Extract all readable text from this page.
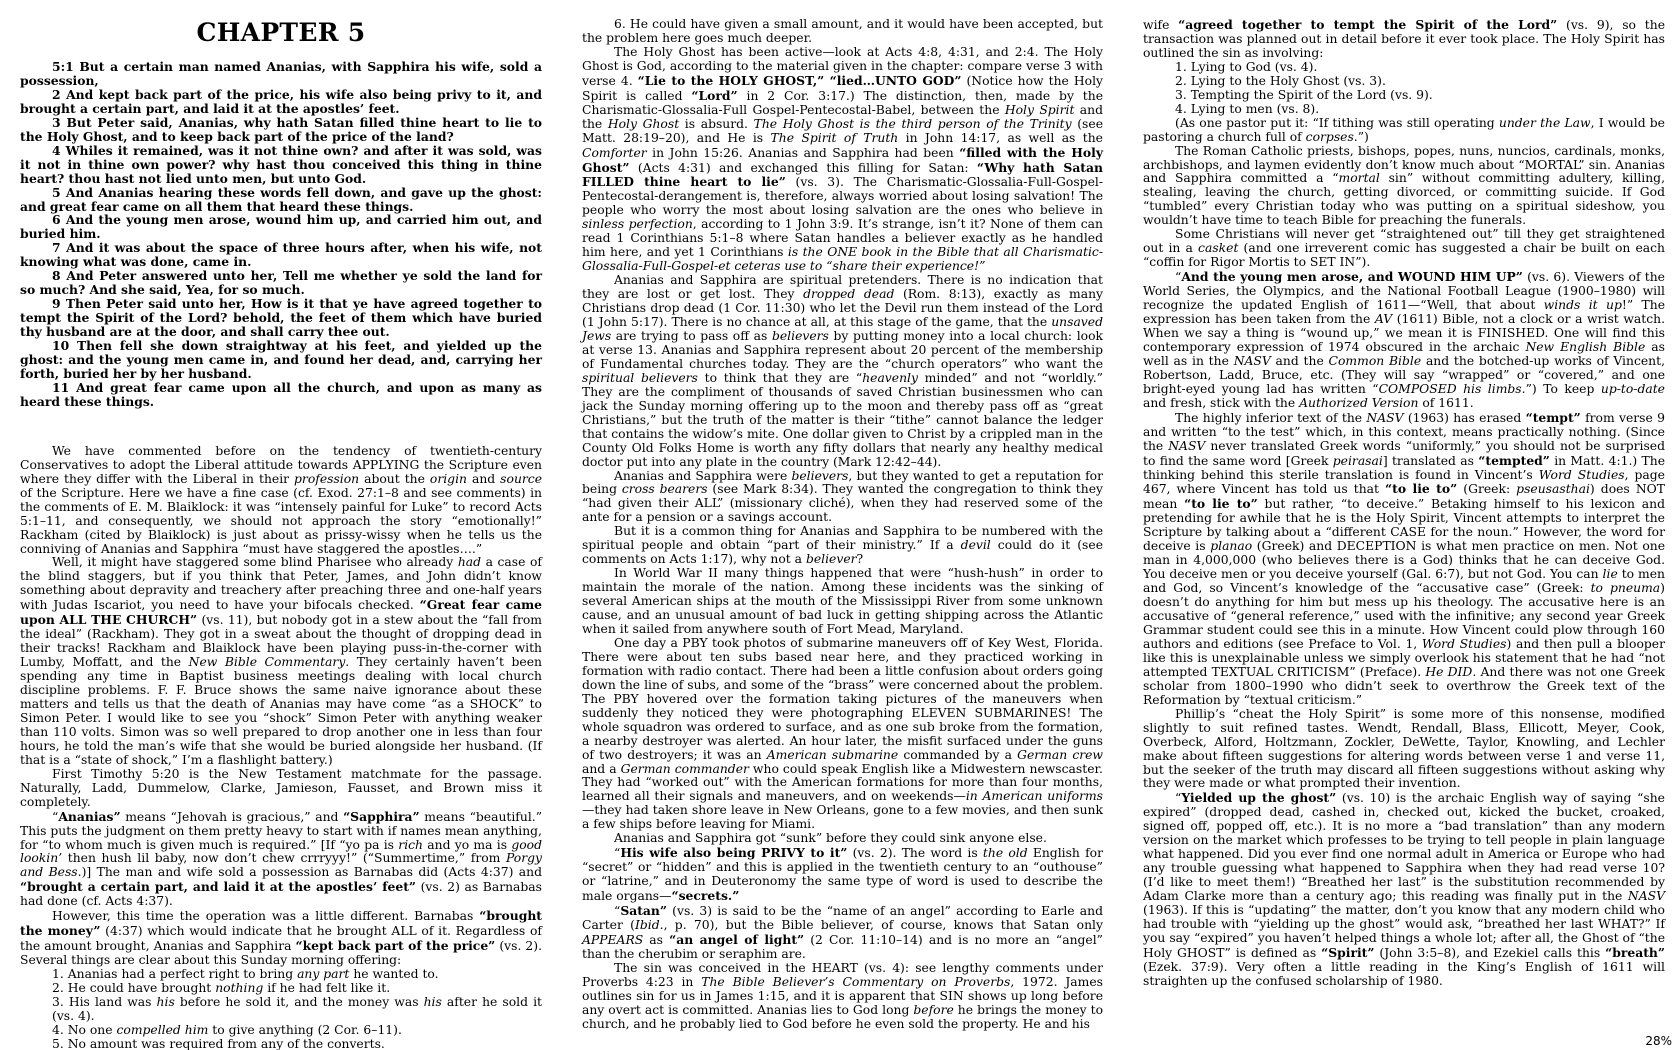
CHAPTER 5

5:1 But a certain man named Ananias, with Sapphira his wife, sold a possession,

2 And kept back part of the price, his wife also being privy to it, and brought a certain part, and laid it at the apostles’ feet.

3 But Peter said, Ananias, why hath Satan filled thine heart to lie to the Holy Ghost, and to keep back part of the price of the land?

4 Whiles it remained, was it not thine own? and after it was sold, was it not in thine own power? why hast thou conceived this thing in thine heart? thou hast not lied unto men, but unto God.

5 And Ananias hearing these words fell down, and gave up the ghost: and great fear came on all them that heard these things.

6 And the young men arose, wound him up, and carried him out, and buried him.

7 And it was about the space of three hours after, when his wife, not knowing what was done, came in.

8 And Peter answered unto her, Tell me whether ye sold the land for so much? And she said, Yea, for so much.

9 Then Peter said unto her, How is it that ye have agreed together to tempt the Spirit of the Lord? behold, the feet of them which have buried thy husband are at the door, and shall carry thee out.

10 Then fell she down straightway at his feet, and yielded up the ghost: and the young men came in, and found her dead, and, carrying her forth, buried her by her husband.

11 And great fear came upon all the church, and upon as many as heard these things.

We have commented before on the tendency of twentieth-century Conservatives to adopt the Liberal attitude towards APPLYING the Scripture even where they differ with the Liberal in their profession about the origin and source of the Scripture. Here we have a fine case (cf. Exod. 27:1–8 and see comments) in the comments of E. M. Blaiklock: it was “intensely painful for Luke” to record Acts 5:1–11, and consequently, we should not approach the story “emotionally!” Rackham (cited by Blaiklock) is just about as prissy-wissy when he tells us the conniving of Ananias and Sapphira “must have staggered the apostles….”

Well, it might have staggered some blind Pharisee who already had a case of the blind staggers, but if you think that Peter, James, and John didn’t know something about depravity and treachery after preaching three and one-half years with Judas Iscariot, you need to have your bifocals checked. “Great fear came upon ALL THE CHURCH” (vs. 11), but nobody got in a stew about the “fall from the ideal” (Rackham). They got in a sweat about the thought of dropping dead in their tracks! Rackham and Blaiklock have been playing puss-in-the-corner with Lumby, Moffatt, and the New Bible Commentary. They certainly haven’t been spending any time in Baptist business meetings dealing with local church discipline problems. F. F. Bruce shows the same naive ignorance about these matters and tells us that the death of Ananias may have come “as a SHOCK” to Simon Peter. I would like to see you “shock” Simon Peter with anything weaker than 110 volts. Simon was so well prepared to drop another one in less than four hours, he told the man’s wife that she would be buried alongside her husband. (If that is a “state of shock,” I’m a flashlight battery.)

First Timothy 5:20 is the New Testament matchmate for the passage. Naturally, Ladd, Dummelow, Clarke, Jamieson, Fausset, and Brown miss it completely.

“Ananias” means “Jehovah is gracious,” and “Sapphira” means “beautiful.” This puts the judgment on them pretty heavy to start with if names mean anything, for “to whom much is given much is required.” [If “yo pa is rich and yo ma is good lookin’ then hush lil baby, now don’t chew crrryyy!” (“Summertime,” from Porgy and Bess.)] The man and wife sold a possession as Barnabas did (Acts 4:37) and “brought a certain part, and laid it at the apostles’ feet” (vs. 2) as Barnabas had done (cf. Acts 4:37).

However, this time the operation was a little different. Barnabas “brought the money” (4:37) which would indicate that he brought ALL of it. Regardless of the amount brought, Ananias and Sapphira “kept back part of the price” (vs. 2). Several things are clear about this Sunday morning offering:

1. Ananias had a perfect right to bring any part he wanted to.

2. He could have brought nothing if he had felt like it.

3. His land was his before he sold it, and the money was his after he sold it (vs. 4).

4. No one compelled him to give anything (2 Cor. 6–11).

5. No amount was required from any of the converts.

6. He could have given a small amount, and it would have been accepted, but the problem here goes much deeper.

The Holy Ghost has been active—look at Acts 4:8, 4:31, and 2:4. The Holy Ghost is God, according to the material given in the chapter: compare verse 3 with verse 4. “Lie to the HOLY GHOST,” “lied…UNTO GOD” (Notice how the Holy Spirit is called “Lord” in 2 Cor. 3:17.) The distinction, then, made by the Charismatic-Glossalia-Full Gospel-Pentecostal-Babel, between the Holy Spirit and the Holy Ghost is absurd. The Holy Ghost is the third person of the Trinity (see Matt. 28:19–20), and He is The Spirit of Truth in John 14:17, as well as the Comforter in John 15:26. Ananias and Sapphira had been “filled with the Holy Ghost” (Acts 4:31) and exchanged this filling for Satan: “Why hath Satan FILLED thine heart to lie” (vs. 3). The Charismatic-Glossalia-Full-Gospel-Pentecostal-derangement is, therefore, always worried about losing salvation! The people who worry the most about losing salvation are the ones who believe in sinless perfection, according to 1 John 3:9. It’s strange, isn’t it? None of them can read 1 Corinthians 5:1–8 where Satan handles a believer exactly as he handled him here, and yet 1 Corinthians is the ONE book in the Bible that all Charismatic-Glossalia-Full-Gospel-et ceteras use to “share their experience!”

Ananias and Sapphira are spiritual pretenders. There is no indication that they are lost or get lost. They dropped dead (Rom. 8:13), exactly as many Christians drop dead (1 Cor. 11:30) who let the Devil run them instead of the Lord (1 John 5:17). There is no chance at all, at this stage of the game, that the unsaved Jews are trying to pass off as believers by putting money into a local church: look at verse 13. Ananias and Sapphira represent about 20 percent of the membership of Fundamental churches today. They are the “church operators” who want the spiritual believers to think that they are “heavenly minded” and not “worldly.” They are the compliment of thousands of saved Christian businessmen who can jack the Sunday morning offering up to the moon and thereby pass off as “great Christians,” but the truth of the matter is their “tithe” cannot balance the ledger that contains the widow’s mite. One dollar given to Christ by a crippled man in the County Old Folks Home is worth any fifty dollars that nearly any healthy medical doctor put into any plate in the country (Mark 12:42–44).

Ananias and Sapphira were believers, but they wanted to get a reputation for being cross bearers (see Mark 8:34). They wanted the congregation to think they “had given their ALL” (missionary cliché), when they had reserved some of the ante for a pension or a savings account.

But it is a common thing for Ananias and Sapphira to be numbered with the spiritual people and obtain “part of their ministry.” If a devil could do it (see comments on Acts 1:17), why not a believer?

In World War II many things happened that were “hush-hush” in order to maintain the morale of the nation. Among these incidents was the sinking of several American ships at the mouth of the Mississippi River from some unknown cause, and an unusual amount of bad luck in getting shipping across the Atlantic when it sailed from anywhere south of Fort Mead, Maryland.

One day a PBY took photos of submarine maneuvers off of Key West, Florida. There were about ten subs based near here, and they practiced working in formation with radio contact. There had been a little confusion about orders going down the line of subs, and some of the “brass” were concerned about the problem. The PBY hovered over the formation taking pictures of the maneuvers when suddenly they noticed they were photographing ELEVEN SUBMARINES! The whole squadron was ordered to surface, and as one sub broke from the formation, a nearby destroyer was alerted. An hour later, the misfit surfaced under the guns of two destroyers; it was an American submarine commanded by a German crew and a German commander who could speak English like a Midwestern newscaster. They had “worked out” with the American formations for more than four months, learned all their signals and maneuvers, and on weekends—in American uniforms—they had taken shore leave in New Orleans, gone to a few movies, and then sunk a few ships before leaving for Miami.

Ananias and Sapphira got “sunk” before they could sink anyone else.

“His wife also being PRIVY to it” (vs. 2). The word is the old English for “secret” or “hidden” and this is applied in the twentieth century to an “outhouse” or “latrine,” and in Deuteronomy the same type of word is used to describe the male organs—“secrets.”

“Satan” (vs. 3) is said to be the “name of an angel” according to Earle and Carter (Ibid., p. 70), but the Bible believer, of course, knows that Satan only APPEARS as “an angel of light” (2 Cor. 11:10–14) and is no more an “angel” than the cherubim or seraphim are.

The sin was conceived in the HEART (vs. 4): see lengthy comments under Proverbs 4:23 in The Bible Believer’s Commentary on Proverbs, 1972. James outlines sin for us in James 1:15, and it is apparent that SIN shows up long before any overt act is committed. Ananias lies to God long before he brings the money to church, and he probably lied to God before he even sold the property. He and his

wife “agreed together to tempt the Spirit of the Lord” (vs. 9), so the transaction was planned out in detail before it ever took place. The Holy Spirit has outlined the sin as involving:

1. Lying to God (vs. 4).

2. Lying to the Holy Ghost (vs. 3).

3. Tempting the Spirit of the Lord (vs. 9).

4. Lying to men (vs. 8).

(As one pastor put it: “If tithing was still operating under the Law, I would be pastoring a church full of corpses.”)

The Roman Catholic priests, bishops, popes, nuns, nuncios, cardinals, monks, archbishops, and laymen evidently don’t know much about “MORTAL” sin. Ananias and Sapphira committed a “mortal sin” without committing adultery, killing, stealing, leaving the church, getting divorced, or committing suicide. If God “tumbled” every Christian today who was putting on a spiritual sideshow, you wouldn’t have time to teach Bible for preaching the funerals.

Some Christians will never get “straightened out” till they get straightened out in a casket (and one irreverent comic has suggested a chair be built on each “coffin for Rigor Mortis to SET IN”).

“And the young men arose, and WOUND HIM UP” (vs. 6). Viewers of the World Series, the Olympics, and the National Football League (1900–1980) will recognize the updated English of 1611—“Well, that about winds it up!” The expression has been taken from the AV (1611) Bible, not a clock or a wrist watch. When we say a thing is “wound up,” we mean it is FINISHED. One will find this contemporary expression of 1974 obscured in the archaic New English Bible as well as in the NASV and the Common Bible and the botched-up works of Vincent, Robertson, Ladd, Bruce, etc. (They will say “wrapped” or “covered,” and one bright-eyed young lad has written “COMPOSED his limbs.”) To keep up-to-date and fresh, stick with the Authorized Version of 1611.

The highly inferior text of the NASV (1963) has erased “tempt” from verse 9 and written “to the test” which, in this context, means practically nothing. (Since the NASV never translated Greek words “uniformly,” you should not be surprised to find the same word [Greek peirasai] translated as “tempted” in Matt. 4:1.) The thinking behind this sterile translation is found in Vincent’s Word Studies, page 467, where Vincent has told us that “to lie to” (Greek: pseusasthai) does NOT mean “to lie to” but rather, “to deceive.” Betaking himself to his lexicon and pretending for awhile that he is the Holy Spirit, Vincent attempts to interpret the Scripture by talking about a “different CASE for the noun.” However, the word for deceive is planao (Greek) and DECEPTION is what men practice on men. Not one man in 4,000,000 (who believes there is a God) thinks that he can deceive God. You deceive men or you deceive yourself (Gal. 6:7), but not God. You can lie to men and God, so Vincent’s knowledge of the “accusative case” (Greek: to pneuma) doesn’t do anything for him but mess up his theology. The accusative here is an accusative of “general reference,” used with the infinitive; any second year Greek Grammar student could see this in a minute. How Vincent could plow through 160 authors and editions (see Preface to Vol. 1, Word Studies) and then pull a blooper like this is unexplainable unless we simply overlook his statement that he had “not attempted TEXTUAL CRITICISM” (Preface). He DID. And there was not one Greek scholar from 1800–1990 who didn’t seek to overthrow the Greek text of the Reformation by “textual criticism.”

Phillip’s “cheat the Holy Spirit” is some more of this nonsense, modified slightly to suit refined tastes. Wendt, Rendall, Blass, Ellicott, Meyer, Cook, Overbeck, Alford, Holtzmann, Zockler, DeWette, Taylor, Knowling, and Lechler make about fifteen suggestions for altering words between verse 1 and verse 11, but the seeker of the truth may discard all fifteen suggestions without asking why they were made or what prompted their invention.

“Yielded up the ghost” (vs. 10) is the archaic English way of saying “she expired” (dropped dead, cashed in, checked out, kicked the bucket, croaked, signed off, popped off, etc.). It is no more a “bad translation” than any modern version on the market which professes to be trying to tell people in plain language what happened. Did you ever find one normal adult in America or Europe who had any trouble guessing what happened to Sapphira when they had read verse 10? (I’d like to meet them!) “Breathed her last” is the substitution recommended by Adam Clarke more than a century ago; this reading was finally put in the NASV (1963). If this is “updating” the matter, don’t you know that any modern child who had trouble with “yielding up the ghost” would ask, “breathed her last WHAT?” If you say “expired” you haven’t helped things a whole lot; after all, the Ghost of “the Holy GHOST” is defined as “Spirit” (John 3:5–8), and Ezekiel calls this “breath” (Ezek. 37:9). Very often a little reading in the King’s English of 1611 will straighten up the confused scholarship of 1980.

28%
